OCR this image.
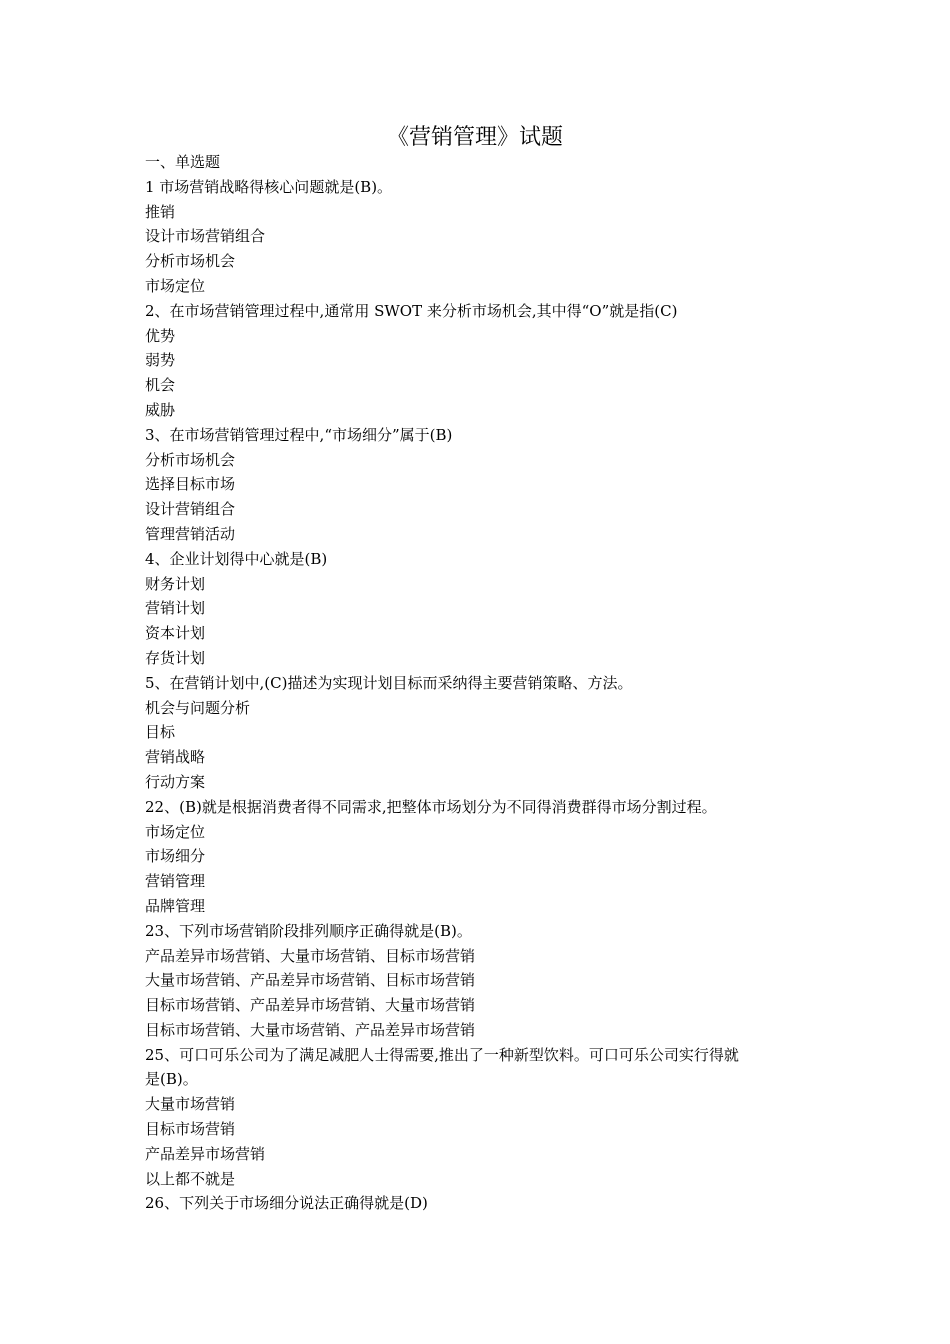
《营销管理》试题
一、单选题
1 市场营销战略得核心问题就是(B)。
推销
设计市场营销组合
分析市场机会
市场定位
2、在市场营销管理过程中,通常用 SWOT 来分析市场机会,其中得“O”就是指(C)
优势
弱势
机会
威胁
3、在市场营销管理过程中,“市场细分”属于(B)
分析市场机会
选择目标市场
设计营销组合
管理营销活动
4、企业计划得中心就是(B)
财务计划
营销计划
资本计划
存货计划
5、在营销计划中,(C)描述为实现计划目标而采纳得主要营销策略、方法。
机会与问题分析
目标
营销战略
行动方案
22、(B)就是根据消费者得不同需求,把整体市场划分为不同得消费群得市场分割过程。
市场定位
市场细分
营销管理
品牌管理
23、下列市场营销阶段排列顺序正确得就是(B)。
产品差异市场营销、大量市场营销、目标市场营销
大量市场营销、产品差异市场营销、目标市场营销
目标市场营销、产品差异市场营销、大量市场营销
目标市场营销、大量市场营销、产品差异市场营销
25、可口可乐公司为了满足减肥人士得需要,推出了一种新型饮料。可口可乐公司实行得就
是(B)。
大量市场营销
目标市场营销
产品差异市场营销
以上都不就是
26、下列关于市场细分说法正确得就是(D)
